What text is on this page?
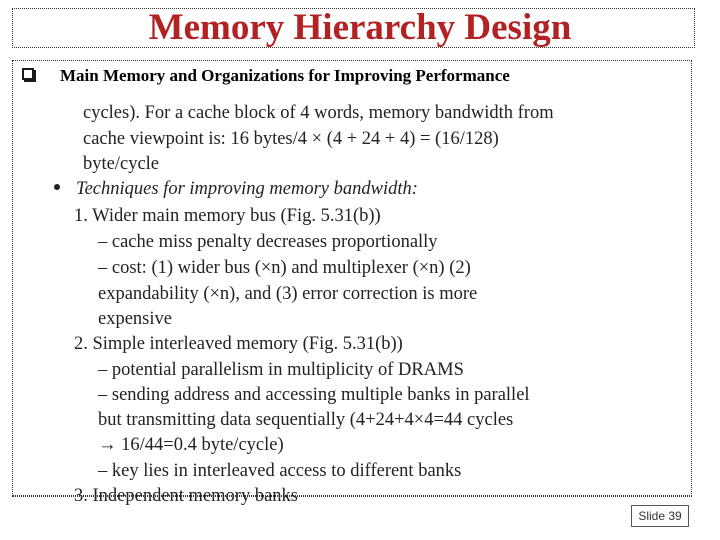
Memory Hierarchy Design
Main Memory and Organizations for Improving Performance
cycles). For a cache block of 4 words, memory bandwidth from
cache viewpoint is: 16 bytes/4 × (4 + 24 + 4) = (16/128)
byte/cycle
Techniques for improving memory bandwidth:
1. Wider main memory bus (Fig. 5.31(b))
– cache miss penalty decreases proportionally
– cost: (1) wider bus (×n) and multiplexer (×n) (2)
expandability (×n), and (3) error correction is more
expensive
2. Simple interleaved memory (Fig. 5.31(b))
– potential parallelism in multiplicity of DRAMS
– sending address and accessing multiple banks in parallel
but transmitting data sequentially (4+24+4×4=44 cycles
→ 16/44=0.4 byte/cycle)
– key lies in interleaved access to different banks
3. Independent memory banks
Slide 39
